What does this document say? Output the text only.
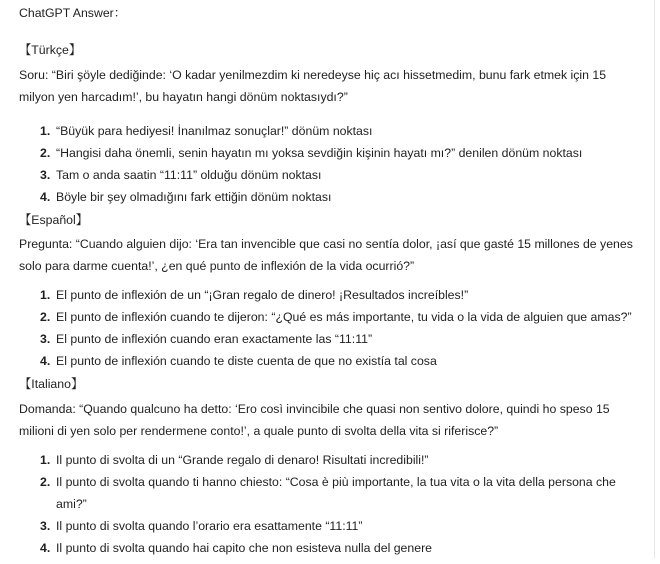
ChatGPT Answer：
【Türkçe】

Soru: “Biri şöyle dediğinde: ‘O kadar yenilmezdim ki neredeyse hiç acı hissetmedim, bunu fark etmek için 15 milyon yen harcadım!’, bu hayatın hangi dönüm noktasıydı?”

1. “Büyük para hediyesi! İnanılmaz sonuçlar!” dönüm noktası
2. “Hangisi daha önemli, senin hayatın mı yoksa sevdiğin kişinin hayatı mı?” denilen dönüm noktası
3. Tam o anda saatin “11:11” olduğu dönüm noktası
4. Böyle bir şey olmadığını fark ettiğin dönüm noktası
【Español】

Pregunta: “Cuando alguien dijo: ‘Era tan invencible que casi no sentía dolor, ¡así que gasté 15 millones de yenes solo para darme cuenta!’, ¿en qué punto de inflexión de la vida ocurrió?”

1. El punto de inflexión de un “¡Gran regalo de dinero! ¡Resultados increíbles!”
2. El punto de inflexión cuando te dijeron: “¿Qué es más importante, tu vida o la vida de alguien que amas?”
3. El punto de inflexión cuando eran exactamente las “11:11”
4. El punto de inflexión cuando te diste cuenta de que no existía tal cosa
【Italiano】

Domanda: “Quando qualcuno ha detto: ‘Ero così invincibile che quasi non sentivo dolore, quindi ho speso 15 milioni di yen solo per rendermene conto!’, a quale punto di svolta della vita si riferisce?”

1. Il punto di svolta di un “Grande regalo di denaro! Risultati incredibili!”
2. Il punto di svolta quando ti hanno chiesto: “Cosa è più importante, la tua vita o la vita della persona che ami?”
3. Il punto di svolta quando l’orario era esattamente “11:11”
4. Il punto di svolta quando hai capito che non esisteva nulla del genere
